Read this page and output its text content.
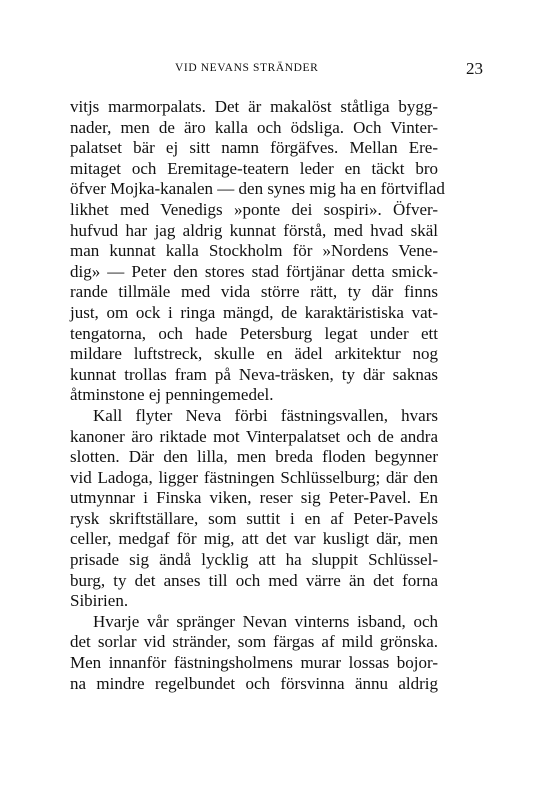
VID NEVANS STRÄNDER	23
vitjs marmorpalats. Det är makalöst ståtliga bygg-
nader, men de äro kalla och ödsliga. Och Vinter-
palatset bär ej sitt namn förgäfves. Mellan Ere-
mitaget och Eremitage-teatern leder en täckt bro
öfver Mojka-kanalen — den synes mig ha en förtviflad
likhet med Venedigs »ponte dei sospiri». Öfver-
hufvud har jag aldrig kunnat förstå, med hvad skäl
man kunnat kalla Stockholm för »Nordens Vene-
dig» — Peter den stores stad förtjänar detta smick-
rande tillmäle med vida större rätt, ty där finns
just, om ock i ringa mängd, de karaktäristiska vat-
tengatorna, och hade Petersburg legat under ett
mildare luftstreck, skulle en ädel arkitektur nog
kunnat trollas fram på Neva-träsken, ty där saknas
åtminstone ej penningemedel.
Kall flyter Neva förbi fästningsvallen, hvars
kanoner äro riktade mot Vinterpalatset och de andra
slotten. Där den lilla, men breda floden begynner
vid Ladoga, ligger fästningen Schlüsselburg; där den
utmynnar i Finska viken, reser sig Peter-Pavel. En
rysk skriftställare, som suttit i en af Peter-Pavels
celler, medgaf för mig, att det var kusligt där, men
prisade sig ändå lycklig att ha sluppit Schlüssel-
burg, ty det anses till och med värre än det forna
Sibirien.
Hvarje vår spränger Nevan vinterns isband, och
det sorlar vid stränder, som färgas af mild grönska.
Men innanför fästningsholmens murar lossas bojor-
na mindre regelbundet och försvinna ännu aldrig
